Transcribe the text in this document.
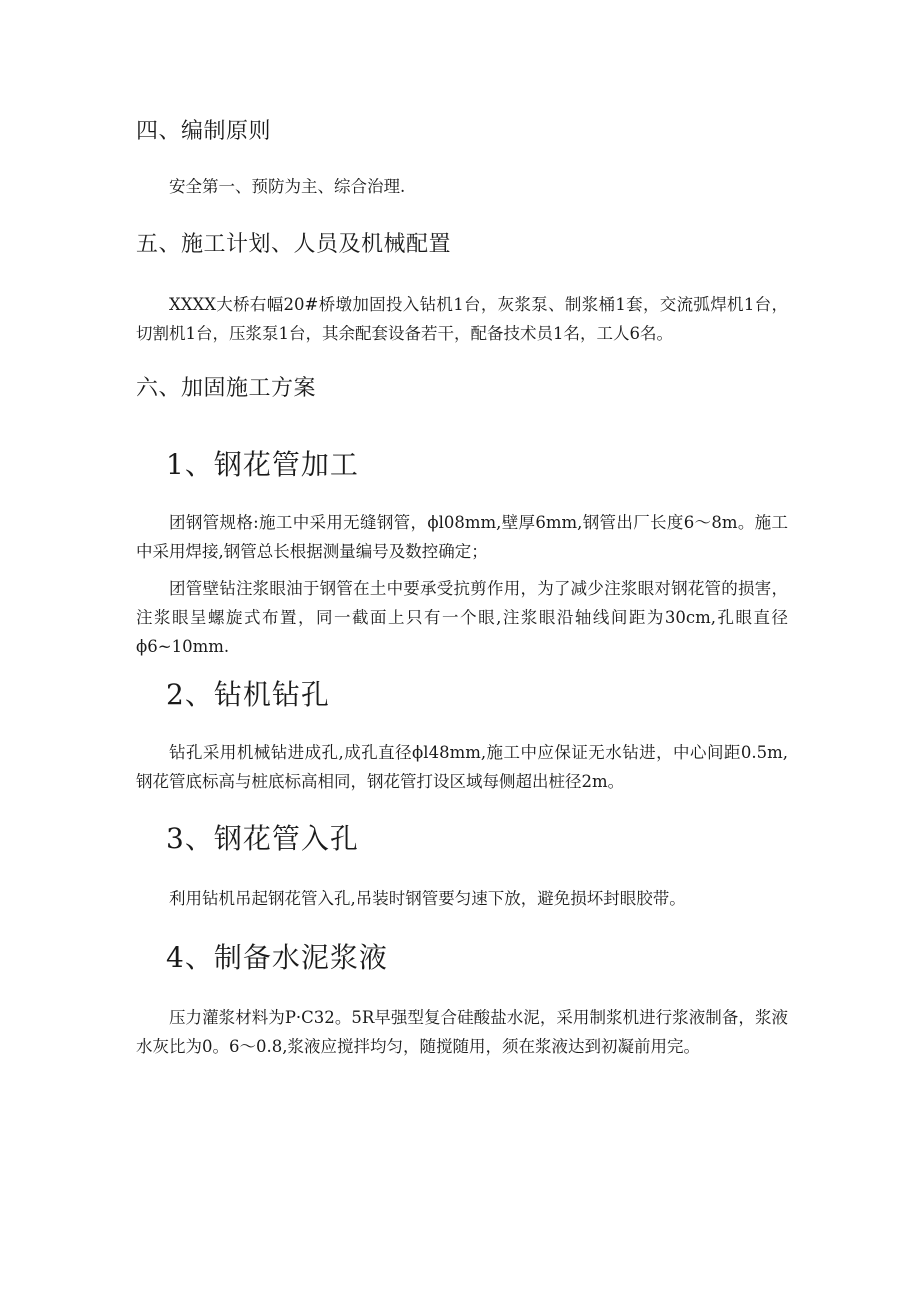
四、编制原则

安全第一、预防为主、综合治理.

五、施工计划、人员及机械配置

XXXX大桥右幅20#桥墩加固投入钻机1台，灰浆泵、制浆桶1套，交流弧焊机1台，切割机1台，压浆泵1台，其余配套设备若干，配备技术员1名，工人6名。

六、加固施工方案
1、钢花管加工

团钢管规格:施工中采用无缝钢管，ϕl08mm,壁厚6mm,钢管出厂长度6～8m。施工中采用焊接,钢管总长根据测量编号及数控确定；

团管壁钻注浆眼油于钢管在土中要承受抗剪作用，为了减少注浆眼对钢花管的损害，注浆眼呈螺旋式布置，同一截面上只有一个眼,注浆眼沿轴线间距为30cm,孔眼直径ϕ6~10mm.

2、钻机钻孔

钻孔采用机械钻进成孔,成孔直径ϕl48mm,施工中应保证无水钻进，中心间距0.5m,钢花管底标高与桩底标高相同，钢花管打设区域每侧超出桩径2m。

3、钢花管入孔

利用钻机吊起钢花管入孔,吊装时钢管要匀速下放，避免损坏封眼胶带。

4、制备水泥浆液

压力灌浆材料为P·C32。5R早强型复合硅酸盐水泥，采用制浆机进行浆液制备，浆液水灰比为0。6～0.8,浆液应搅拌均匀，随搅随用，须在浆液达到初凝前用完。
